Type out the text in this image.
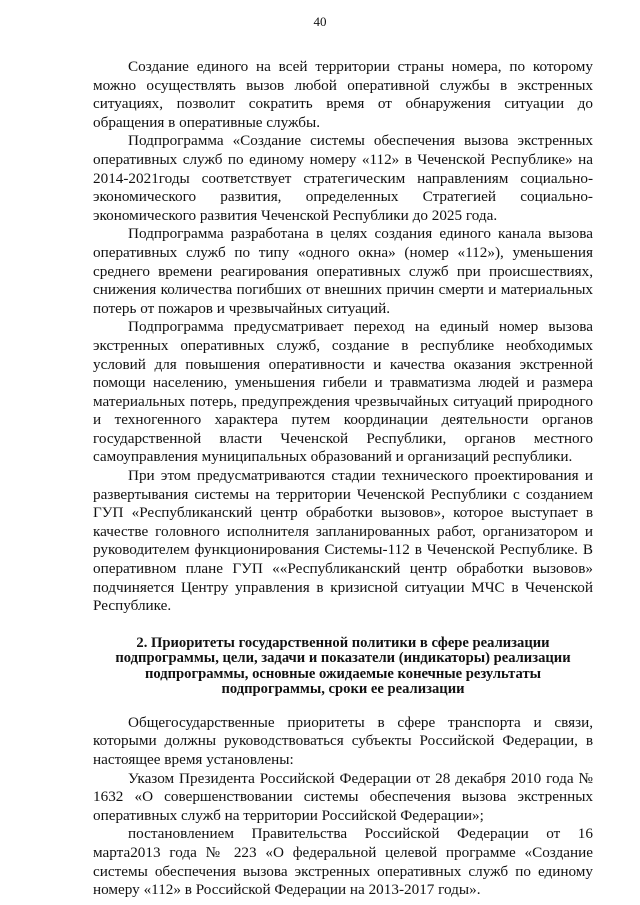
40

Создание единого на всей территории страны номера, по которому можно осуществлять вызов любой оперативной службы в экстренных ситуациях, позволит сократить время от обнаружения ситуации до обращения в оперативные службы.

Подпрограмма «Создание системы обеспечения вызова экстренных оперативных служб по единому номеру «112» в Чеченской Республике» на 2014-2021годы соответствует стратегическим направлениям социально-экономического развития, определенных Стратегией социально-экономического развития Чеченской Республики до 2025 года.

Подпрограмма разработана в целях создания единого канала вызова оперативных служб по типу «одного окна» (номер «112»), уменьшения среднего времени реагирования оперативных служб при происшествиях, снижения количества погибших от внешних причин смерти и материальных потерь от пожаров и чрезвычайных ситуаций.

Подпрограмма предусматривает переход на единый номер вызова экстренных оперативных служб, создание в республике необходимых условий для повышения оперативности и качества оказания экстренной помощи населению, уменьшения гибели и травматизма людей и размера материальных потерь, предупреждения чрезвычайных ситуаций природного и техногенного характера путем координации деятельности органов государственной власти Чеченской Республики, органов местного самоуправления муниципальных образований и организаций республики.

При этом предусматриваются стадии технического проектирования и развертывания системы на территории Чеченской Республики с созданием ГУП «Республиканский центр обработки вызовов», которое выступает в качестве головного исполнителя запланированных работ, организатором и руководителем функционирования Системы-112 в Чеченской Республике. В оперативном плане ГУП ««Республиканский центр обработки вызовов» подчиняется Центру управления в кризисной ситуации МЧС в Чеченской Республике.

2. Приоритеты государственной политики в сфере реализации подпрограммы, цели, задачи и показатели (индикаторы) реализации подпрограммы, основные ожидаемые конечные результаты подпрограммы, сроки ее реализации

Общегосударственные приоритеты в сфере транспорта и связи, которыми должны руководствоваться субъекты Российской Федерации, в настоящее время установлены:

Указом Президента Российской Федерации от 28 декабря 2010 года № 1632 «О совершенствовании системы обеспечения вызова экстренных оперативных служб на территории Российской Федерации»;

постановлением Правительства Российской Федерации от 16 марта2013 года № 223 «О федеральной целевой программе «Создание системы обеспечения вызова экстренных оперативных служб по единому номеру «112» в Российской Федерации на 2013-2017 годы».
